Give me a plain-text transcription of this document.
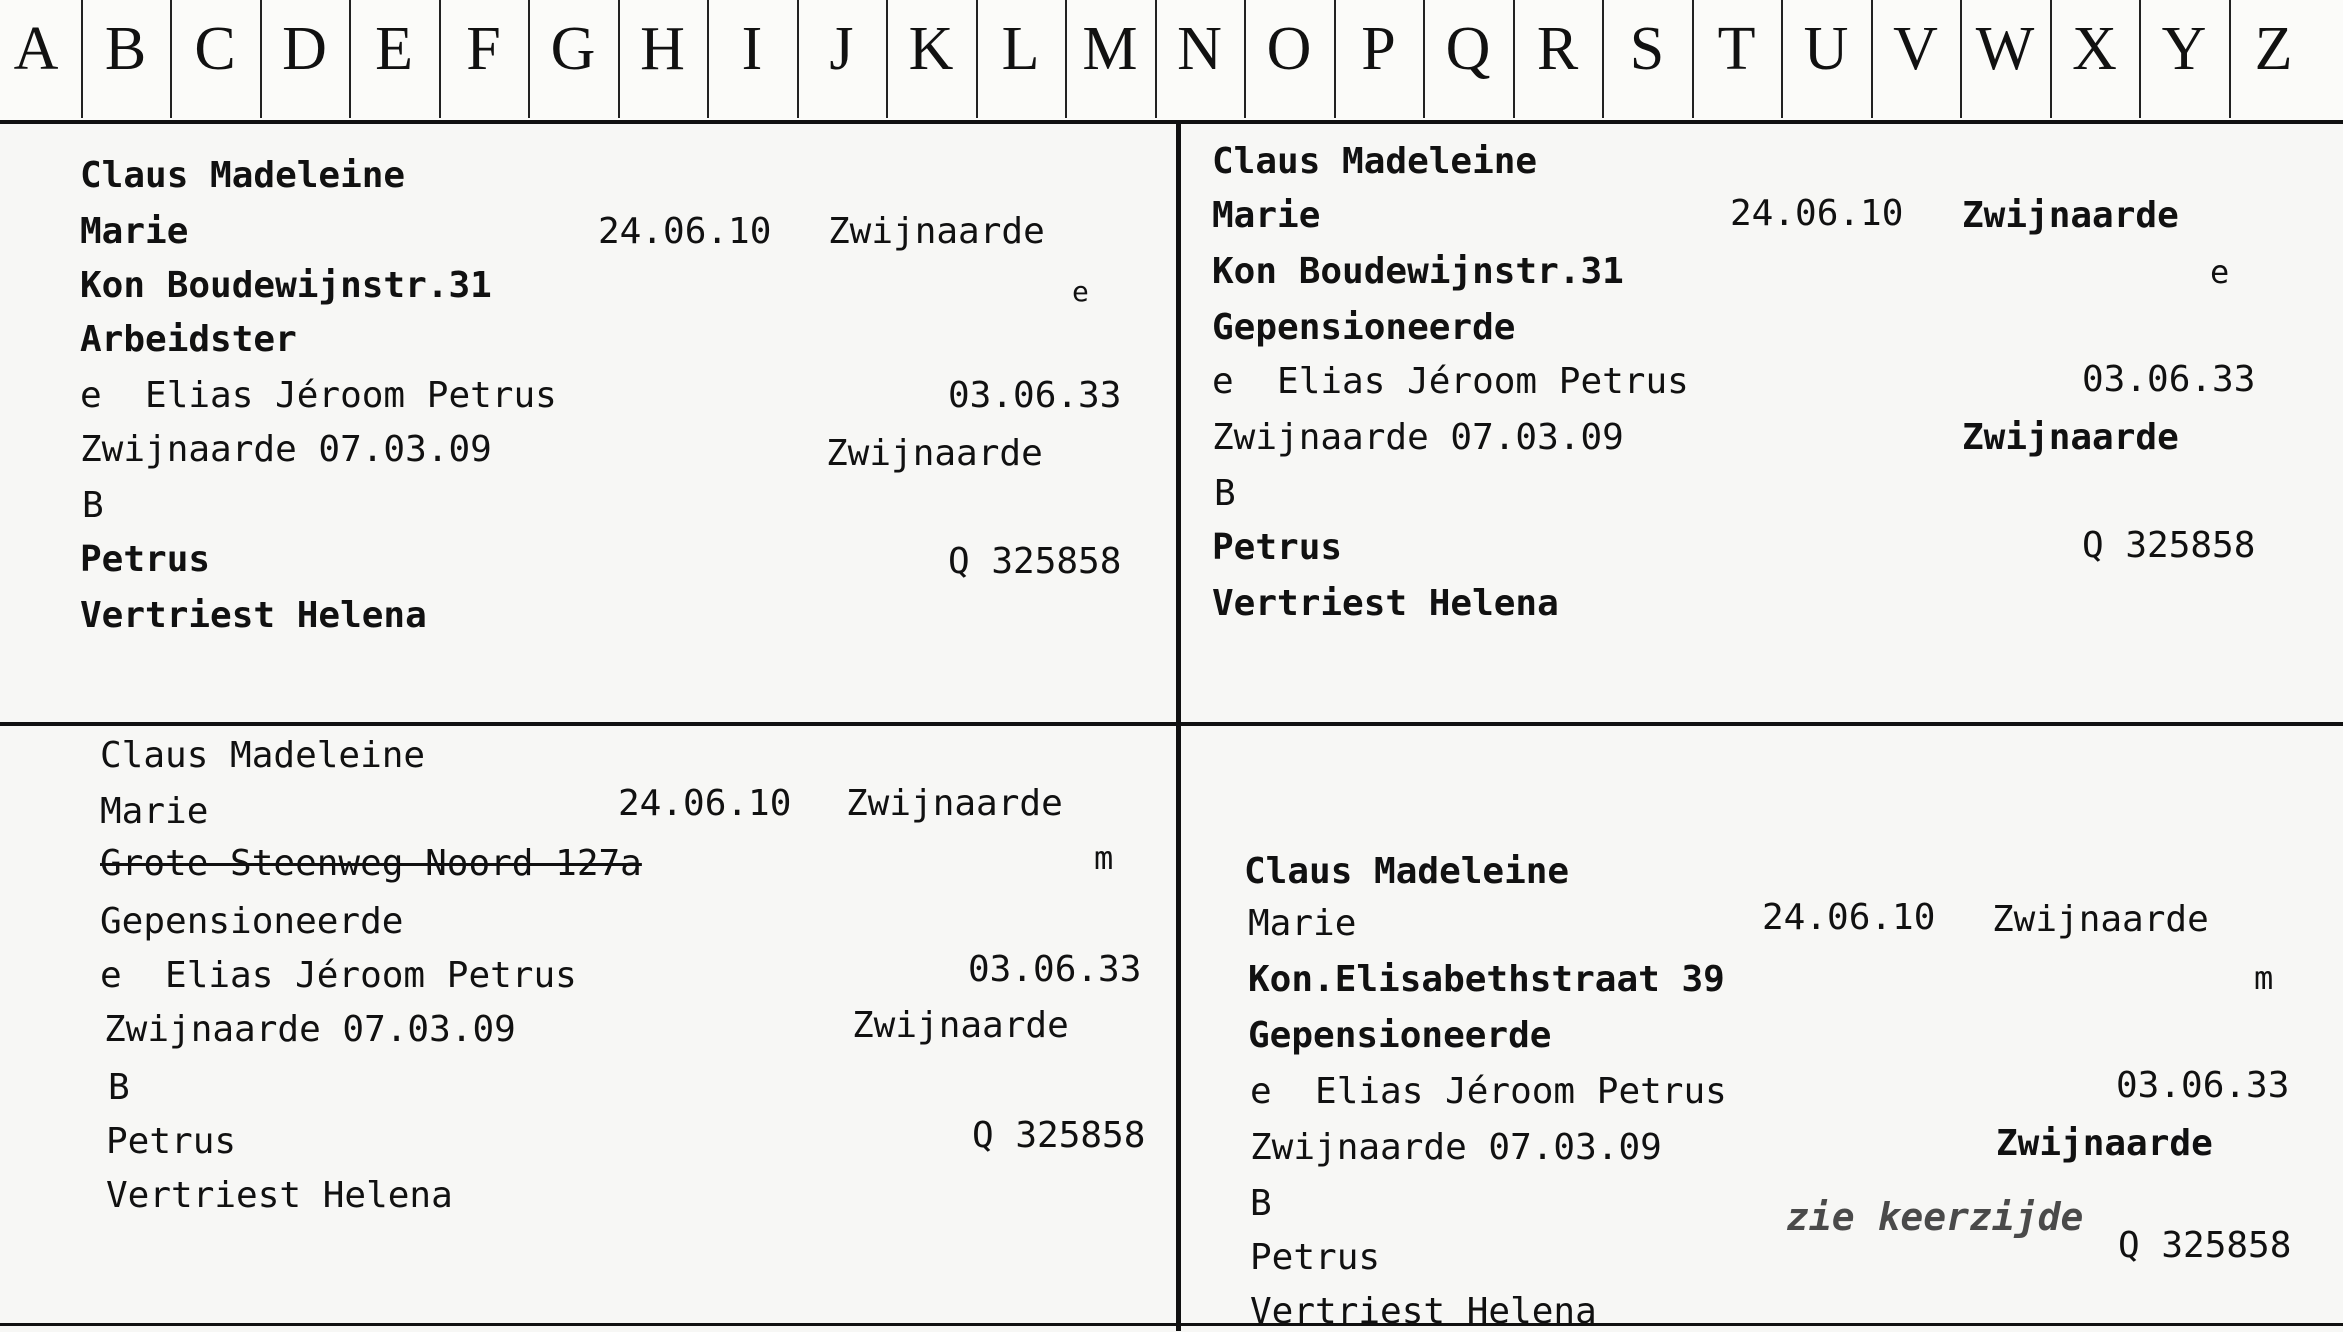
A B C D E F G H I	J K L M N O P Q R S T U V W X Y Z
Claus Madeleine
Marie	24.06.10 Zwijnaarde
Kon Boudewijnstr.31	e
Arbeidster
e  Elias Jéroom Petrus	03.06.33
Zwijnaarde 07.03.09	Zwijnaarde
B
Petrus	Q 325858
Vertriest Helena
Claus Madeleine
Marie	24.06.10 Zwijnaarde
Kon Boudewijnstr.31	e
Gepensioneerde
e  Elias Jéroom Petrus	03.06.33
Zwijnaarde 07.03.09	Zwijnaarde
B
Petrus	Q 325858
Vertriest Helena
Claus Madeleine
Marie	24.06.10 Zwijnaarde
Grote Steenweg Noord 127a	m
Gepensioneerde
e  Elias Jéroom Petrus	03.06.33
Zwijnaarde 07.03.09	Zwijnaarde
B
Petrus	Q 325858
Vertriest Helena
Claus Madeleine
Marie	24.06.10 Zwijnaarde
Kon.Elisabethstraat 39	m
Gepensioneerde
e  Elias Jéroom Petrus	03.06.33
Zwijnaarde 07.03.09	Zwijnaarde
B	zie keerzijde
Q 325858
Petrus
Vertriest Helena
